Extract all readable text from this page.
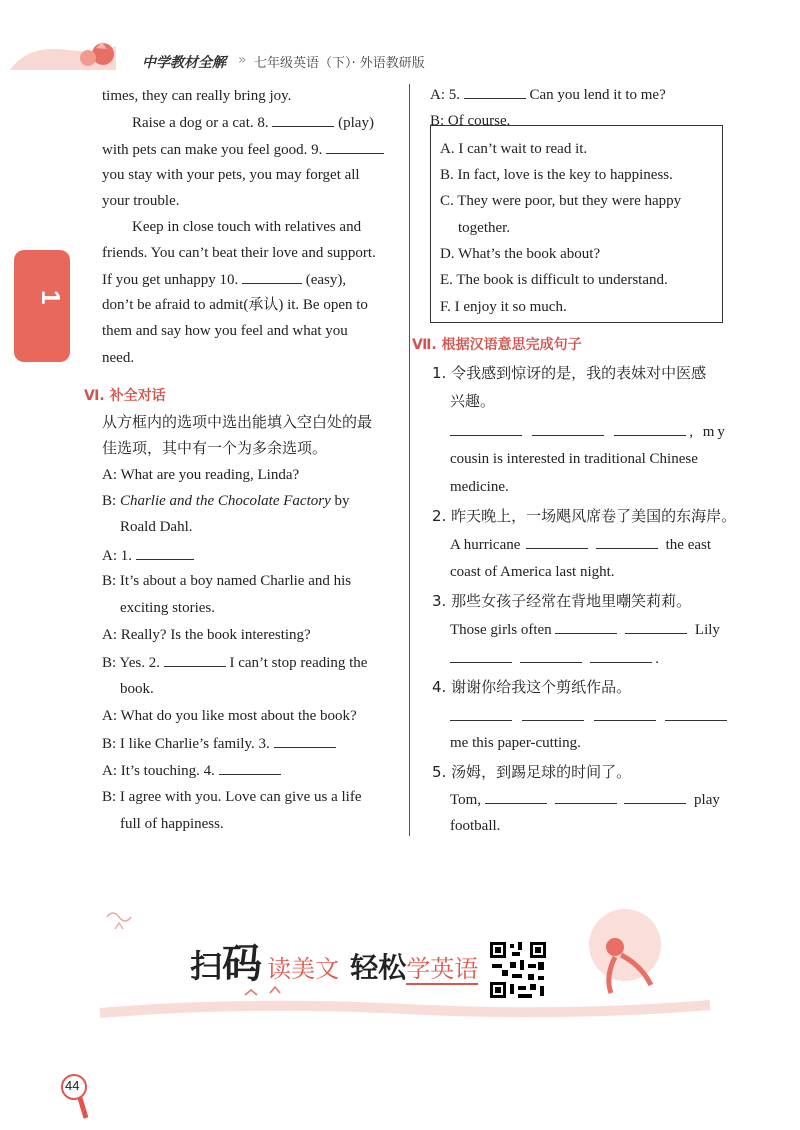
中学教材全解 » 七年级英语（下）· 外语教研版
Unit 1
times, they can really bring joy.
Raise a dog or a cat. 8.	(play)
with pets can make you feel good. 9.
you stay with your pets, you may forget all
your trouble.
Keep in close touch with relatives and
friends. You can’t beat their love and support.
If you get unhappy 10.	(easy),
don’t be afraid to admit(承认) it. Be open to
them and say how you feel and what you
need.
Ⅵ. 补全对话
从方框内的选项中选出能填入空白处的最
佳选项，其中有一个为多余选项。
A: What are you reading, Linda?
B: Charlie and the Chocolate Factory by
Roald Dahl.
A: 1.
B: It’s about a boy named Charlie and his
exciting stories.
A: Really? Is the book interesting?
B: Yes. 2.	I can’t stop reading the
book.
A: What do you like most about the book?
B: I like Charlie’s family. 3.
A: It’s touching. 4.
B: I agree with you. Love can give us a life
full of happiness.
A: 5.	Can you lend it to me?
B: Of course.
A. I can’t wait to read it.
B. In fact, love is the key to happiness.
C. They were poor, but they were happy
together.
D. What’s the book about?
E. The book is difficult to understand.
F. I enjoy it so much.
Ⅶ. 根据汉语意思完成句子
1. 令我感到惊讶的是，我的表妹对中医感
兴趣。
, my
cousin is interested in traditional Chinese
medicine.
2. 昨天晚上，一场飓风席卷了美国的东海岸。
A hurricane	the east
coast of America last night.
3. 那些女孩子经常在背地里嘲笑莉莉。
Those girls often	Lily
.
4. 谢谢你给我这个剪纸作品。

me this paper-cutting.
5. 汤姆，到踢足球的时间了。
Tom,	play
football.
扫码 读美文 轻松学英语
44
